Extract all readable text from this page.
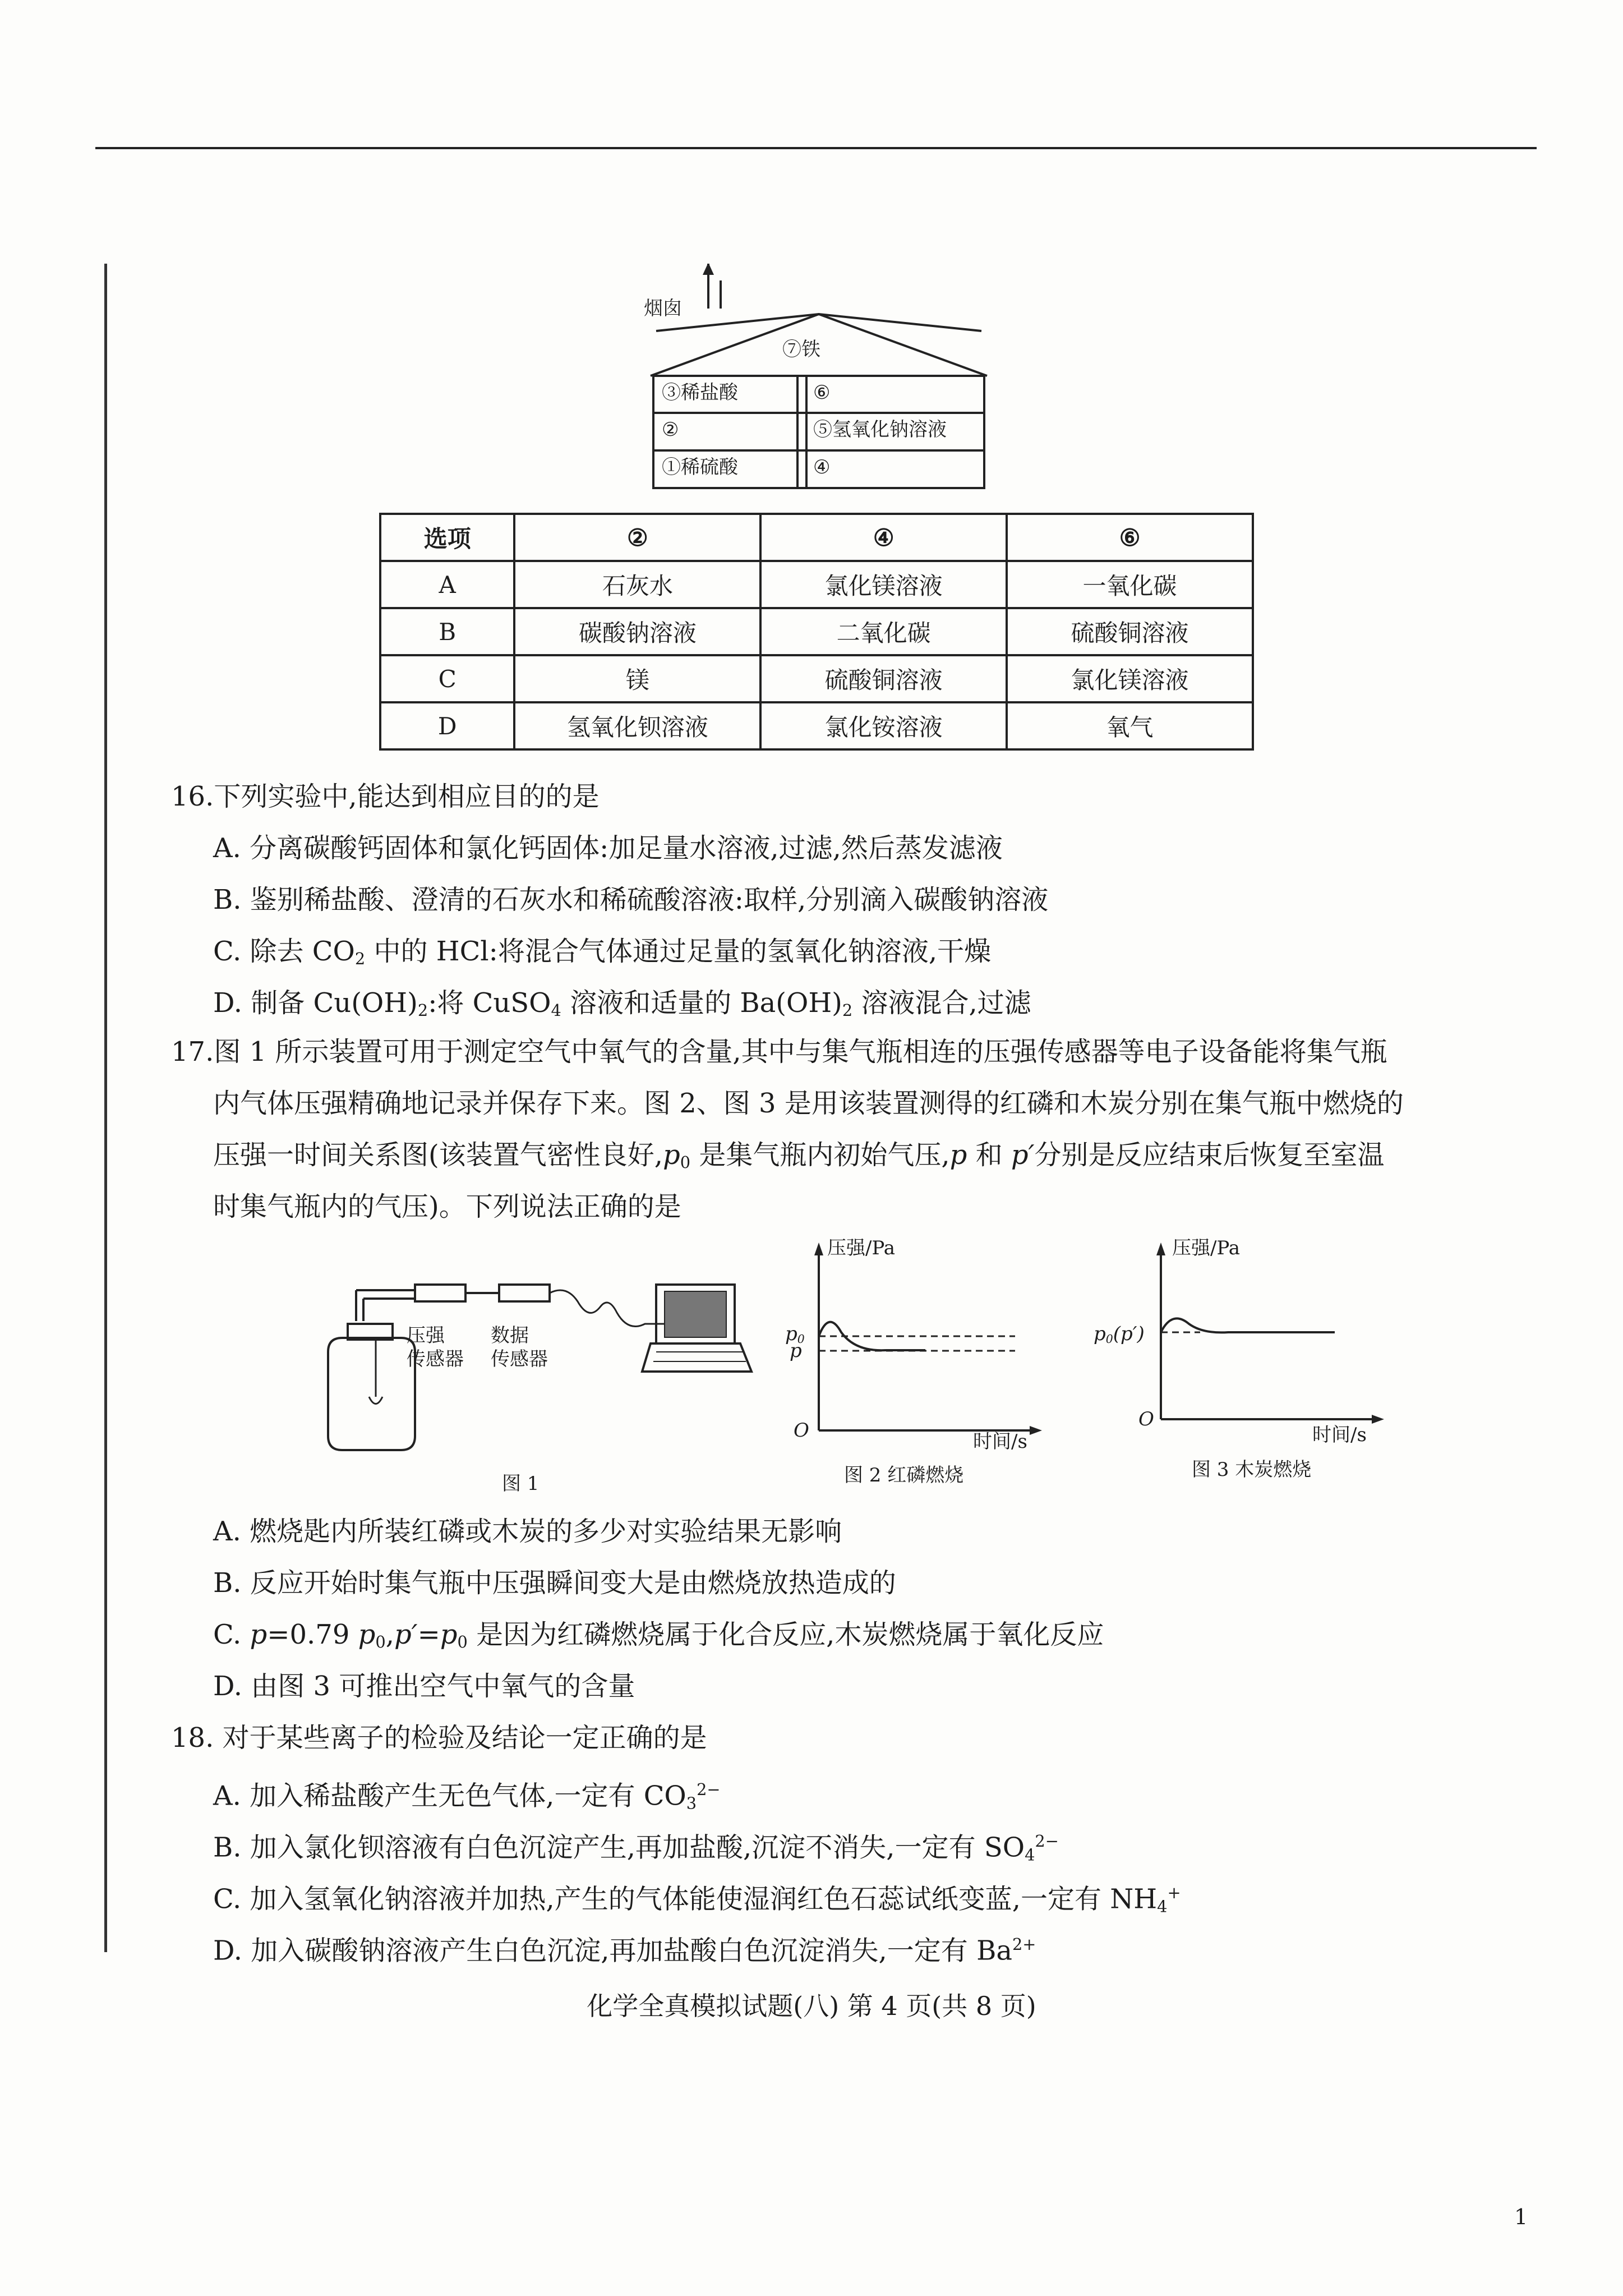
烟囱
⑦铁
③稀盐酸
②
①稀硫酸
⑥
⑤氢氧化钠溶液
④
选项	②	④	⑥
A	石灰水	氯化镁溶液	一氧化碳
B	碳酸钠溶液	二氧化碳	硫酸铜溶液
C	镁	硫酸铜溶液	氯化镁溶液
D	氢氧化钡溶液	氯化铵溶液	氧气
16.下列实验中,能达到相应目的的是
A. 分离碳酸钙固体和氯化钙固体:加足量水溶液,过滤,然后蒸发滤液
B. 鉴别稀盐酸、澄清的石灰水和稀硫酸溶液:取样,分别滴入碳酸钠溶液
C. 除去 $CO_2$ 中的 HCl:将混合气体通过足量的氢氧化钠溶液,干燥
D. 制备 $Cu(OH)_2$:将 CuSO$_4$ 溶液和适量的 $Ba(OH)_2$ 溶液混合,过滤
17.图 1 所示装置可用于测定空气中氧气的含量,其中与集气瓶相连的压强传感器等电子设备能将集气瓶
内气体压强精确地记录并保存下来。图 2、图 3 是用该装置测得的红磷和木炭分别在集气瓶中燃烧的
压强一时间关系图(该装置气密性良好$,p_0$ 是集气瓶内初始气压,p 和 p′分别是反应结束后恢复至室温
时集气瓶内的气压)。下列说法正确的是
压强
传感器
数据
传感器
图 1
压强/Pa
$p_0$
p
O	时间/s
图 2 红磷燃烧
压强/Pa
$p_0(p')$
O
时间/s
图 3 木炭燃烧
A. 燃烧匙内所装红磷或木炭的多少对实验结果无影响
B. 反应开始时集气瓶中压强瞬间变大是由燃烧放热造成的
C. p=0.79 $p_0,p'=p_0$ 是因为红磷燃烧属于化合反应,木炭燃烧属于氧化反应
D. 由图 3 可推出空气中氧气的含量
18. 对于某些离子的检验及结论一定正确的是
A. 加入稀盐酸产生无色气体,一定有 $CO_3^{2-}$
B. 加入氯化钡溶液有白色沉淀产生,再加盐酸,沉淀不消失,一定有 $SO_4^{2-}$
C. 加入氢氧化钠溶液并加热,产生的气体能使湿润红色石蕊试纸变蓝,一定有 $NH_4^+$
D. 加入碳酸钠溶液产生白色沉淀,再加盐酸白色沉淀消失,一定有 $Ba^{2+}$
化学全真模拟试题(八) 第 4 页(共 8 页)
1
